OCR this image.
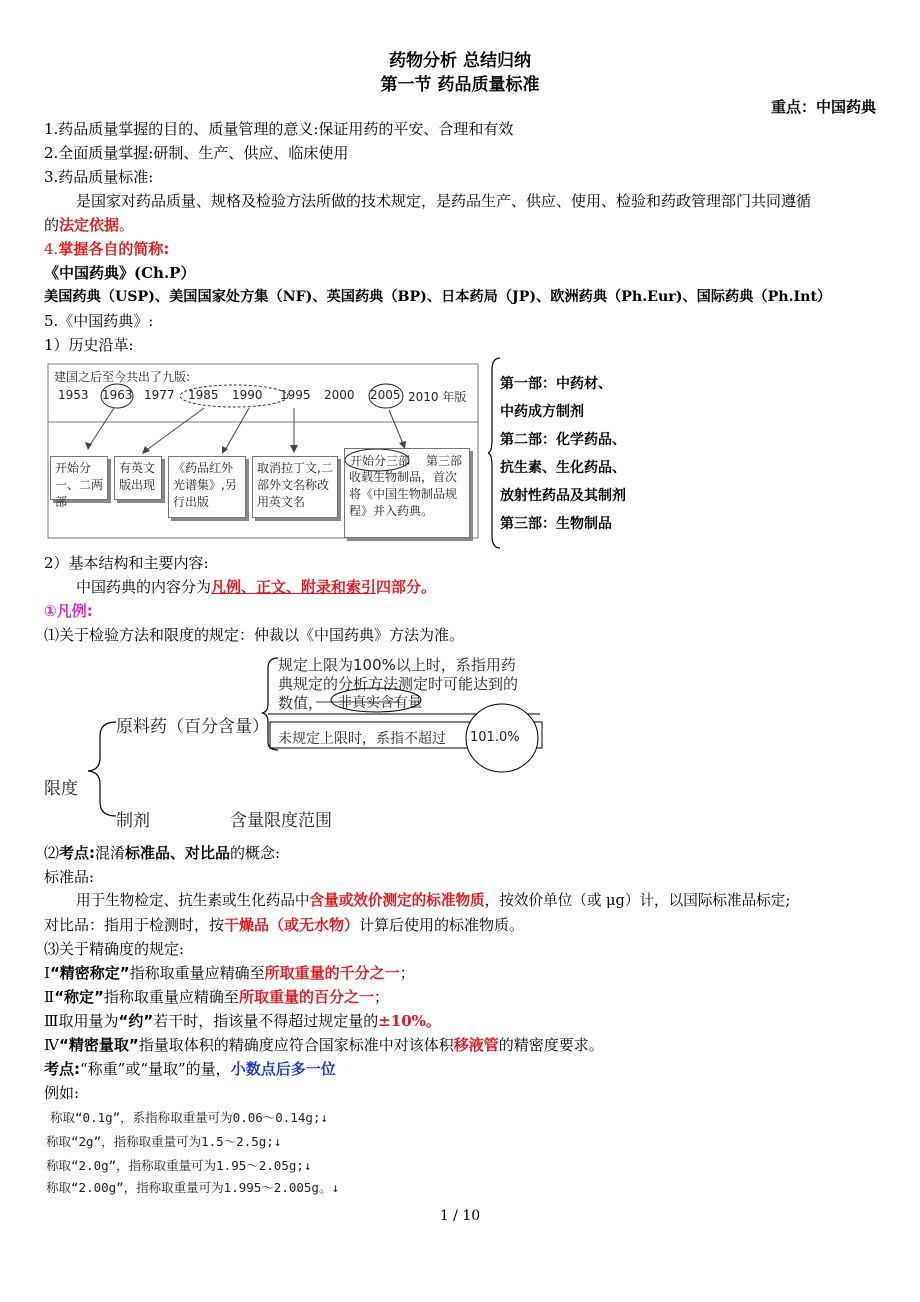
药物分析 总结归纳
第一节 药品质量标准
重点：中国药典
1.药品质量掌握的目的、质量管理的意义:保证用药的平安、合理和有效
2.全面质量掌握:研制、生产、供应、临床使用
3.药品质量标准:
是国家对药品质量、规格及检验方法所做的技术规定，是药品生产、供应、使用、检验和药政管理部门共同遵循
的法定依据。
4.掌握各自的简称:
《中国药典》(Ch.P）
美国药典（USP)、美国国家处方集（NF)、英国药典（BP)、日本药局（JP)、欧洲药典（Ph.Eur)、国际药典（Ph.Int）
5.《中国药典》:
1）历史沿革:
建国之后至今共出了九版:
1953 1963 1977 1985 1990 1995 2000 2005 2010 年版
开始分一、二两部
有英文版出现
《药品红外光谱集》,另行出版
取消拉丁文,二部外文名称改用英文名
收载生物制品，首次将《中国生物制品规程》并入药典。
开始分三部 第三部
第一部：中药材、
中药成方制剂
第二部：化学药品、
抗生素、生化药品、
放射性药品及其制剂
第三部：生物制品
2）基本结构和主要内容:
中国药典的内容分为凡例、正文、附录和索引四部分。
①凡例:
⑴关于检验方法和限度的规定：仲裁以《中国药典》方法为准。
规定上限为100%以上时，系指用药
典规定的分析方法测定时可能达到的
数值， 非真实含有量
原料药（百分含量）
未规定上限时，系指不超过 101.0%
限度
制剂	含量限度范围
⑵考点:混淆标准品、对比品的概念:
标准品:
用于生物检定、抗生素或生化药品中含量或效价测定的标准物质，按效价单位（或 μg）计，以国际标准品标定;
对比品：指用于检测时，按干燥品（或无水物）计算后使用的标准物质。
⑶关于精确度的规定:
Ⅰ“精密称定”指称取重量应精确至所取重量的千分之一；
Ⅱ“称定”指称取重量应精确至所取重量的百分之一；
Ⅲ取用量为“约”若干时，指该量不得超过规定量的±10%。
Ⅳ“精密量取”指量取体积的精确度应符合国家标准中对该体积移液管的精密度要求。
考点:“称重”或“量取”的量，小数点后多一位
例如:
称取“0.1g”，系指称取重量可为0.06～0.14g;↓
称取“2g”，指称取重量可为1.5～2.5g;↓
称取“2.0g”，指称取重量可为1.95～2.05g;↓
称取“2.00g”，指称取重量可为1.995～2.005g。↓
1 / 10
